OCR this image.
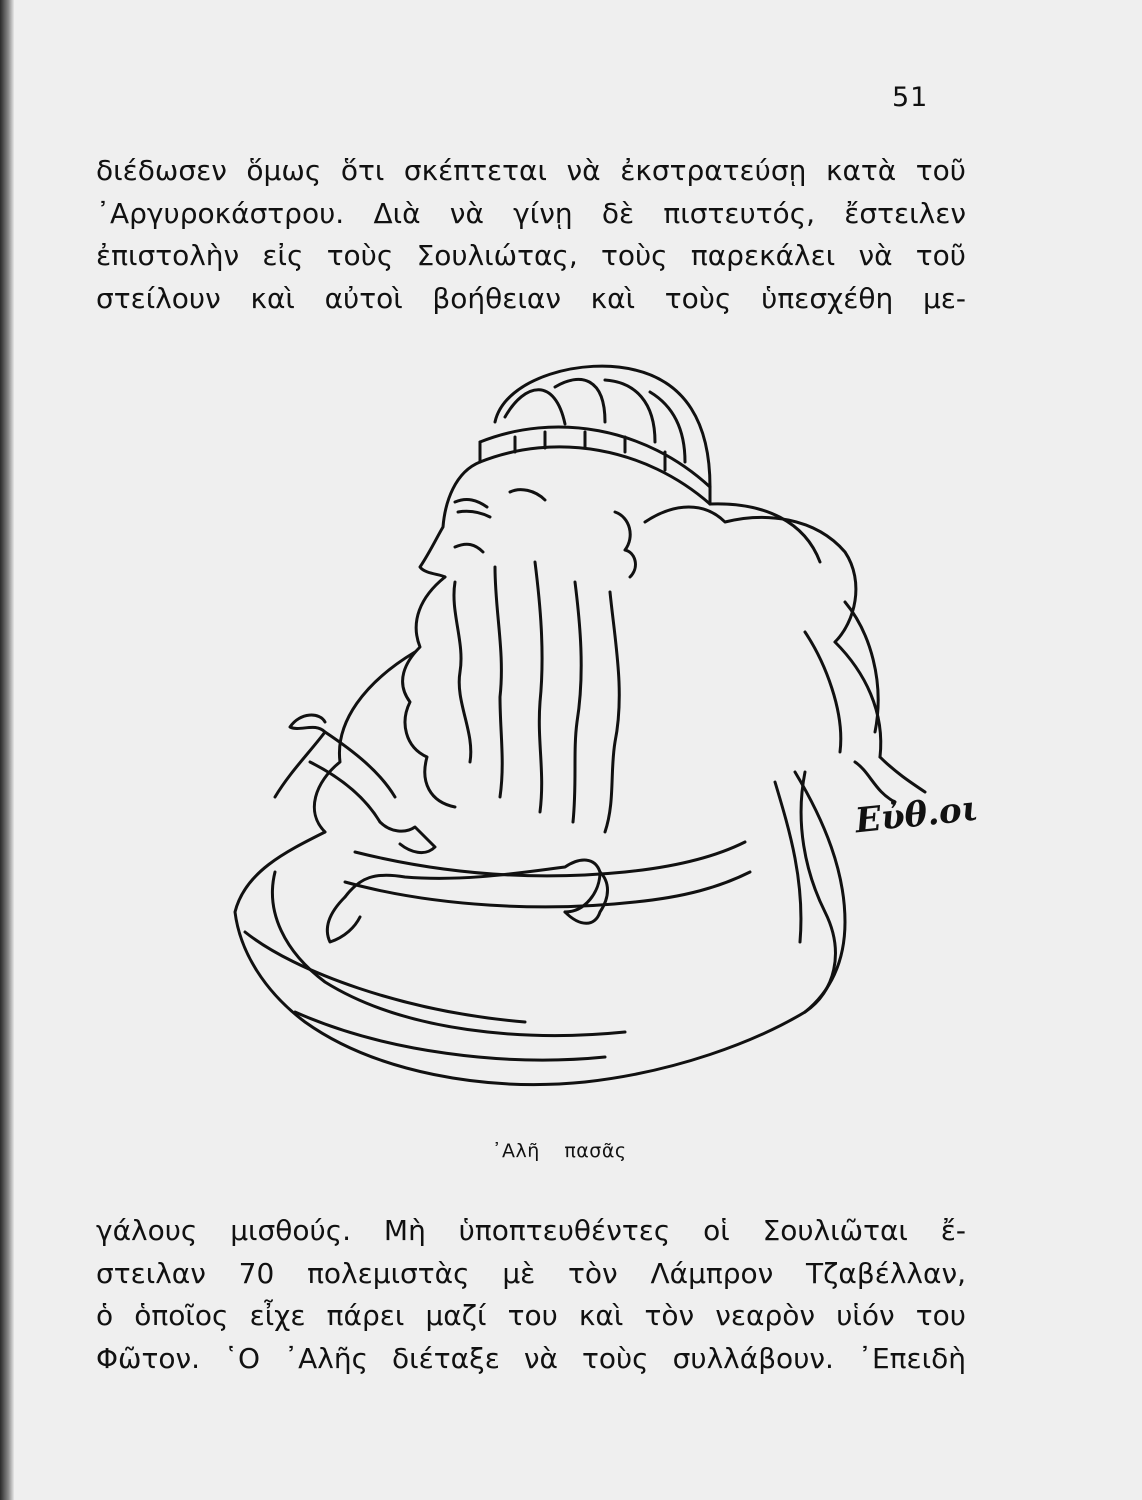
51
διέδωσεν ὅμως ὅτι σκέπτεται νὰ ἐκστρατεύσῃ κατὰ τοῦ
᾿Αργυροκάστρου. Διὰ νὰ γίνῃ δὲ πιστευτός, ἔστειλεν
ἐπιστολὴν εἰς τοὺς Σουλιώτας, τοὺς παρεκάλει νὰ τοῦ
στείλουν καὶ αὐτοὶ βοήθειαν καὶ τοὺς ὑπεσχέθη με-
Εὐθ.οι
᾿Αλῆ πασᾶς
γάλους μισθούς. Μὴ ὑποπτευθέντες οἱ Σουλιῶται ἔ-
στειλαν 70 πολεμιστὰς μὲ τὸν Λάμπρον Τζαβέλλαν,
ὁ ὁποῖος εἶχε πάρει μαζί του καὶ τὸν νεαρὸν υἱόν του
Φῶτον. ῾Ο ᾿Αλῆς διέταξε νὰ τοὺς συλλάβουν. ᾿Επειδὴ
